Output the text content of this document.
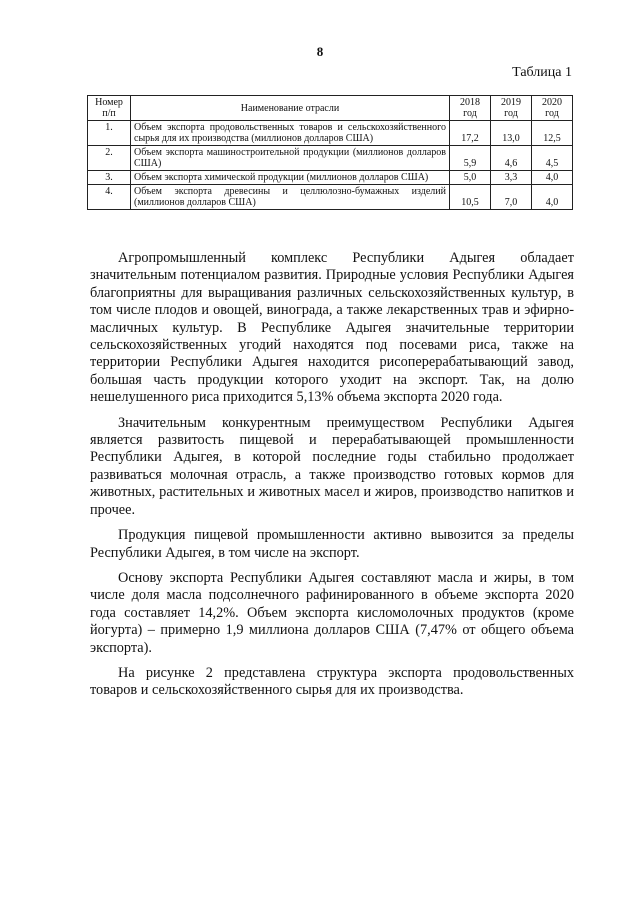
8
Таблица 1
Номер п/п	Наименование отрасли	2018 год	2019 год	2020 год
1.	Объем экспорта продовольственных товаров и сельскохозяйственного сырья для их производства (миллионов долларов США)	17,2	13,0	12,5
2.	Объем экспорта машиностроительной продукции (миллионов долларов США)	5,9	4,6	4,5
3.	Объем экспорта химической продукции (миллионов долларов США)	5,0	3,3	4,0
4.	Объем экспорта древесины и целлюлозно-бумажных изделий (миллионов долларов США)	10,5	7,0	4,0

Агропромышленный комплекс Республики Адыгея обладает значительным потенциалом развития. Природные условия Республики Адыгея благоприятны для выращивания различных сельскохозяйственных культур, в том числе плодов и овощей, винограда, а также лекарственных трав и эфирно-масличных культур. В Республике Адыгея значительные территории сельскохозяйственных угодий находятся под посевами риса, также на территории Республики Адыгея находится рисоперерабатывающий завод, большая часть продукции которого уходит на экспорт. Так, на долю нешелушенного риса приходится 5,13% объема экспорта 2020 года.

Значительным конкурентным преимуществом Республики Адыгея является развитость пищевой и перерабатывающей промышленности Республики Адыгея, в которой последние годы стабильно продолжает развиваться молочная отрасль, а также производство готовых кормов для животных, растительных и животных масел и жиров, производство напитков и прочее.

Продукция пищевой промышленности активно вывозится за пределы Республики Адыгея, в том числе на экспорт.

Основу экспорта Республики Адыгея составляют масла и жиры, в том числе доля масла подсолнечного рафинированного в объеме экспорта 2020 года составляет 14,2%. Объем экспорта кисломолочных продуктов (кроме йогурта) – примерно 1,9 миллиона долларов США (7,47% от общего объема экспорта).

На рисунке 2 представлена структура экспорта продовольственных товаров и сельскохозяйственного сырья для их производства.
